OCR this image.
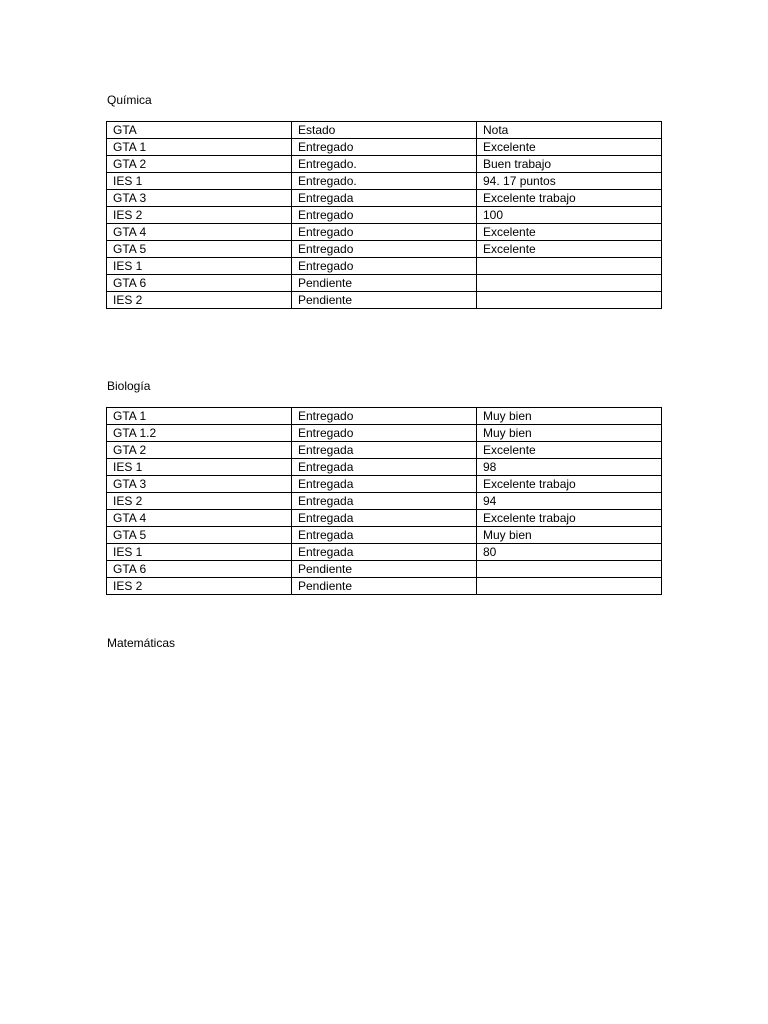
Química
GTA	Estado	Nota
GTA 1	Entregado	Excelente
GTA 2	Entregado.	Buen trabajo
IES 1	Entregado.	94. 17 puntos
GTA 3	Entregada	Excelente trabajo
IES 2	Entregado	100
GTA 4	Entregado	Excelente
GTA 5	Entregado	Excelente
IES 1	Entregado	
GTA 6	Pendiente	
IES 2	Pendiente	
Biología
GTA 1	Entregado	Muy bien
GTA 1.2	Entregado	Muy bien
GTA 2	Entregada	Excelente
IES 1	Entregada	98
GTA 3	Entregada	Excelente trabajo
IES 2	Entregada	94
GTA 4	Entregada	Excelente trabajo
GTA 5	Entregada	Muy bien
IES 1	Entregada	80
GTA 6	Pendiente	
IES 2	Pendiente	
Matemáticas
